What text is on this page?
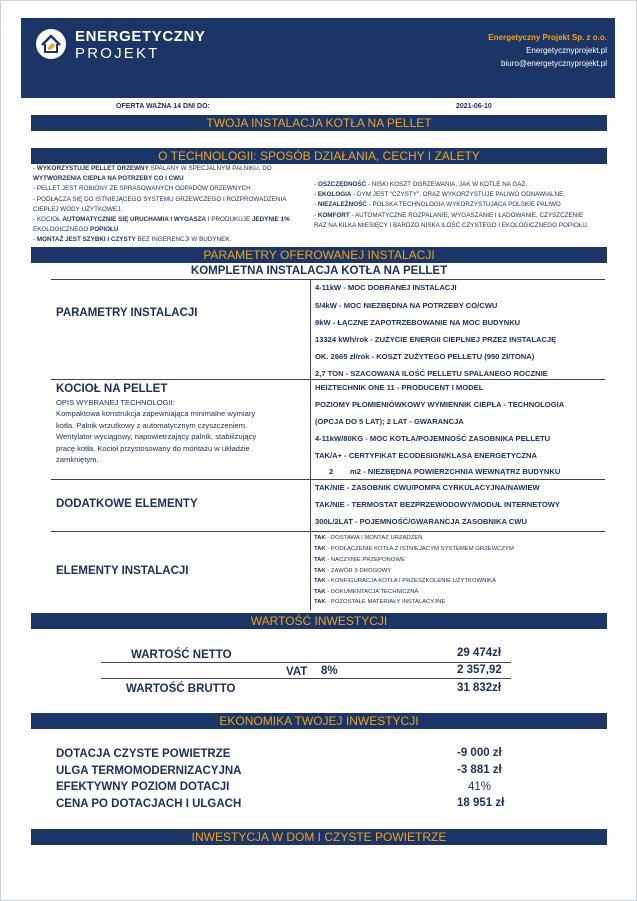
ENERGETYCZNY
PROJEKT
Energetyczny Projekt Sp. z o.o.
Energetycznyprojekt.pl
biuro@energetycznyprojekt.pl
OFERTA WAŻNA 14 DNI DO:	2021-06-10
TWOJA INSTALACJA KOTŁA NA PELLET
O TECHNOLOGII: SPOSÓB DZIAŁANIA, CECHY I ZALETY
- WYKORZYSTUJE PELLET DRZEWNY SPALANY W SPECJALNYM PALNIKU, DO
WYTWORZENIA CIEPŁA NA POTRZEBY CO I CWU
- PELLET JEST ROBIONY ZE SPRASOWANYCH ODPADÓW DRZEWNYCH
- PODŁĄCZA SIĘ DO ISTNIEJĄCEGO SYSTEMU GRZEWCZEGO I ROZPROWADZENIA
CIEPŁEJ WODY UŻYTKOWEJ.
- KOCIOŁ AUTOMATYCZNIE SIĘ URUCHAMIA I WYGASZA I PRODUKUJE JEDYNIE 1%
EKOLOGICZNEGO POPIOŁU
- MONTAŻ JEST SZYBKI I CZYSTY BEZ INGERENCJI W BUDYNEK.
- OSZCZĘDNOŚĆ - NISKI KOSZT OGRZEWANIA, JAK W KOTLE NA GAZ.
- EKOLOGIA - DYM JEST "CZYSTY", ORAZ WYKORZYSTUJE PALIWO ODNAWIALNE.
- NIEZALEŻNOŚĆ - POLSKA TECHNOLOGIA WYKORZYSTUJĄCA POLSKIE PALIWO
- KOMFORT - AUTOMATYCZNE ROZPALANIE, WYGASZANIE I ŁADOWANIE, CZYSZCZENIE
RAZ NA KILKA MIESIĘCY I BARDZO NISKA ILOŚĆ CZYSTEGO I EKOLOGICZNEGO POPIOŁU.
PARAMETRY OFEROWANEJ INSTALACJI
KOMPLETNA INSTALACJA KOTŁA NA PELLET
PARAMETRY INSTALACJI
4-11kW - MOC DOBRANEJ INSTALACJI
5/4kW - MOC NIEZBĘDNA NA POTRZEBY CO/CWU
9kW - ŁĄCZNE ZAPOTRZEBOWANIE NA MOC BUDYNKU
13324 kWh/rok - ZUŻYCIE ENERGII CIEPLNEJ PRZEZ INSTALACJĘ
OK. 2665 zł/rok - KOSZT ZUŻYTEGO PELLETU (950 Zł/TONA)
2,7 TON - SZACOWANA ILOŚĆ PELLETU SPALANEGO ROCZNIE
KOCIOŁ NA PELLET
OPIS WYBRANEJ TECHNOLOGII:
Kompaktowa konstrukcja zapewniająca minimalne wymiary
kotła. Palnik wrzutkowy z automatycznym czyszczeniem.
Wentylator wyciągowy, napowietrzający palnik, stabilizujący
pracę kotła. Kocioł przystosowany do montażu w układzie
zamkniętym.
HEIZTECHNIK ONE 11 - PRODUCENT I MODEL
POZIOMY PŁOMIENIÓWKOWY WYMIENNIK CIEPŁA - TECHNOLOGIA
(OPCJA DO 5 LAT); 2 LAT - GWARANCJA
4-11kW/80KG - MOC KOTŁA/POJEMNOŚĆ ZASOBNIKA PELLETU
TAK/A+ - CERTYFIKAT ECODESIGN/KLASA ENERGETYCZNA
2 m2 - NIEZBĘDNA POWIERZCHNIA WEWNĄTRZ BUDYNKU
DODATKOWE ELEMENTY
TAK/NIE - ZASOBNIK CWU/POMPA CYRKULACYJNA/NAWIEW
TAK/NIE - TERMOSTAT BEZPRZEWODOWY/MODUŁ INTERNETOWY
300L/2LAT - POJEMNOŚĆ/GWARANCJA ZASOBNIKA CWU
ELEMENTY INSTALACJI
TAK - DOSTAWA I MONTAŻ URZĄDZEŃ
TAK - PODŁĄCZENIE KOTŁA Z ISTNIEJĄCYM SYSTEMEM GRZEWCZYM
TAK - NACZYNIE PRZEPONOWE
TAK - ZAWÓR 3-DROGOWY
TAK - KONFIGURACJA KOTŁA I PRZESZKOLENIE UŻYTKOWNIKA
TAK - DOKUMENTACJA TECHNICZNA
TAK - POZOSTAŁE MATERIAŁY INSTALACYJNE
WARTOŚĆ INWESTYCJI
WARTOŚĆ NETTO	29 474zł
VAT 8%	2 357,92
WARTOŚĆ BRUTTO	31 832zł
EKONOMIKA TWOJEJ INWESTYCJI
DOTACJA CZYSTE POWIETRZE	-9 000 zł
ULGA TERMOMODERNIZACYJNA	-3 881 zł
EFEKTYWNY POZIOM DOTACJI	41%
CENA PO DOTACJACH I ULGACH	18 951 zł
INWESTYCJA W DOM I CZYSTE POWIETRZE
